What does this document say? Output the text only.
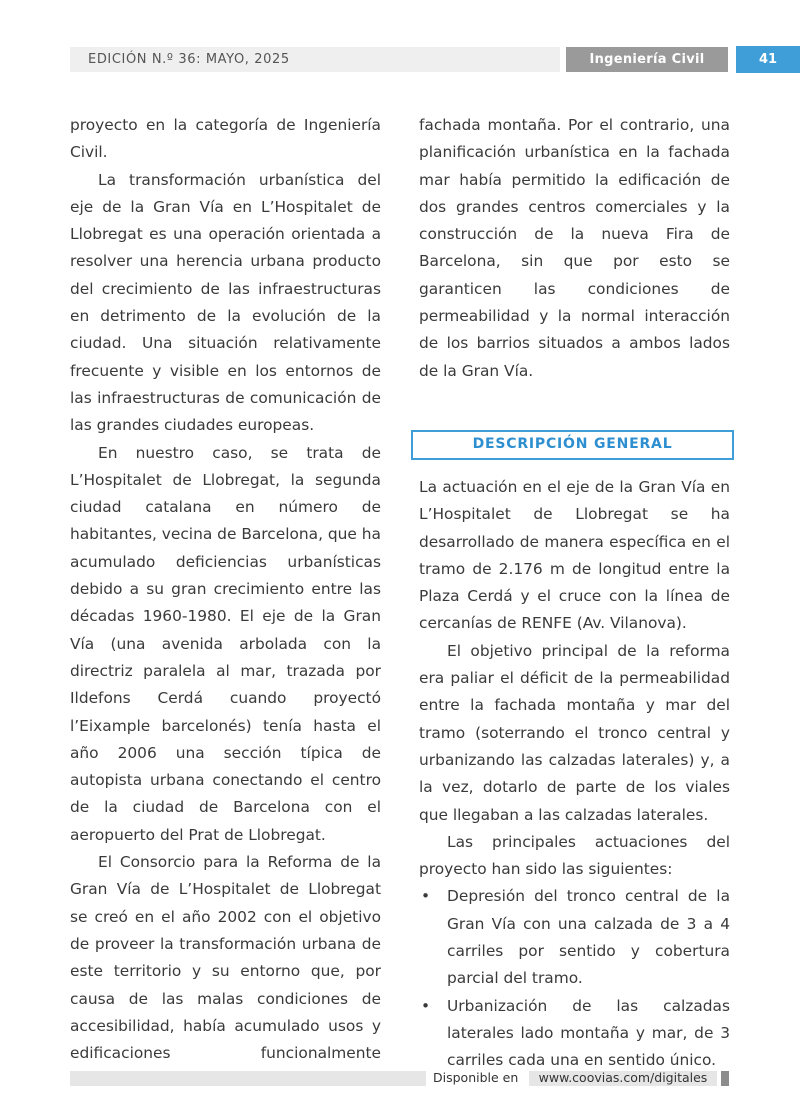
EDICIÓN N.º 36: MAYO, 2025	Ingeniería Civil	41

proyecto en la categoría de Ingeniería Civil.

La transformación urbanística del eje de la Gran Vía en L’Hospitalet de Llobregat es una operación orientada a resolver una herencia urbana producto del crecimiento de las infraestructuras en detrimento de la evolución de la ciudad. Una situación relativamente frecuente y visible en los entornos de las infraestructuras de comunicación de las grandes ciudades europeas.

En nuestro caso, se trata de L’Hospitalet de Llobregat, la segunda ciudad catalana en número de habitantes, vecina de Barcelona, que ha acumulado deficiencias urbanísticas debido a su gran crecimiento entre las décadas 1960-1980. El eje de la Gran Vía (una avenida arbolada con la directriz paralela al mar, trazada por Ildefons Cerdá cuando proyectó l’Eixample barcelonés) tenía hasta el año 2006 una sección típica de autopista urbana conectando el centro de la ciudad de Barcelona con el aeropuerto del Prat de Llobregat.

El Consorcio para la Reforma de la Gran Vía de L’Hospitalet de Llobregat se creó en el año 2002 con el objetivo de proveer la transformación urbana de este territorio y su entorno que, por causa de las malas condiciones de accesibilidad, había acumulado usos y edificaciones funcionalmente

fachada montaña. Por el contrario, una planificación urbanística en la fachada mar había permitido la edificación de dos grandes centros comerciales y la construcción de la nueva Fira de Barcelona, sin que por esto se garanticen las condiciones de permeabilidad y la normal interacción de los barrios situados a ambos lados de la Gran Vía.

DESCRIPCIÓN GENERAL

La actuación en el eje de la Gran Vía en L’Hospitalet de Llobregat se ha desarrollado de manera específica en el tramo de 2.176 m de longitud entre la Plaza Cerdá y el cruce con la línea de cercanías de RENFE (Av. Vilanova).

El objetivo principal de la reforma era paliar el déficit de la permeabilidad entre la fachada montaña y mar del tramo (soterrando el tronco central y urbanizando las calzadas laterales) y, a la vez, dotarlo de parte de los viales que llegaban a las calzadas laterales.

Las principales actuaciones del proyecto han sido las siguientes:

• Depresión del tronco central de la Gran Vía con una calzada de 3 a 4 carriles por sentido y cobertura parcial del tramo.
• Urbanización de las calzadas laterales lado montaña y mar, de 3 carriles cada una en sentido único.
Disponible en	www.coovias.com/digitales
